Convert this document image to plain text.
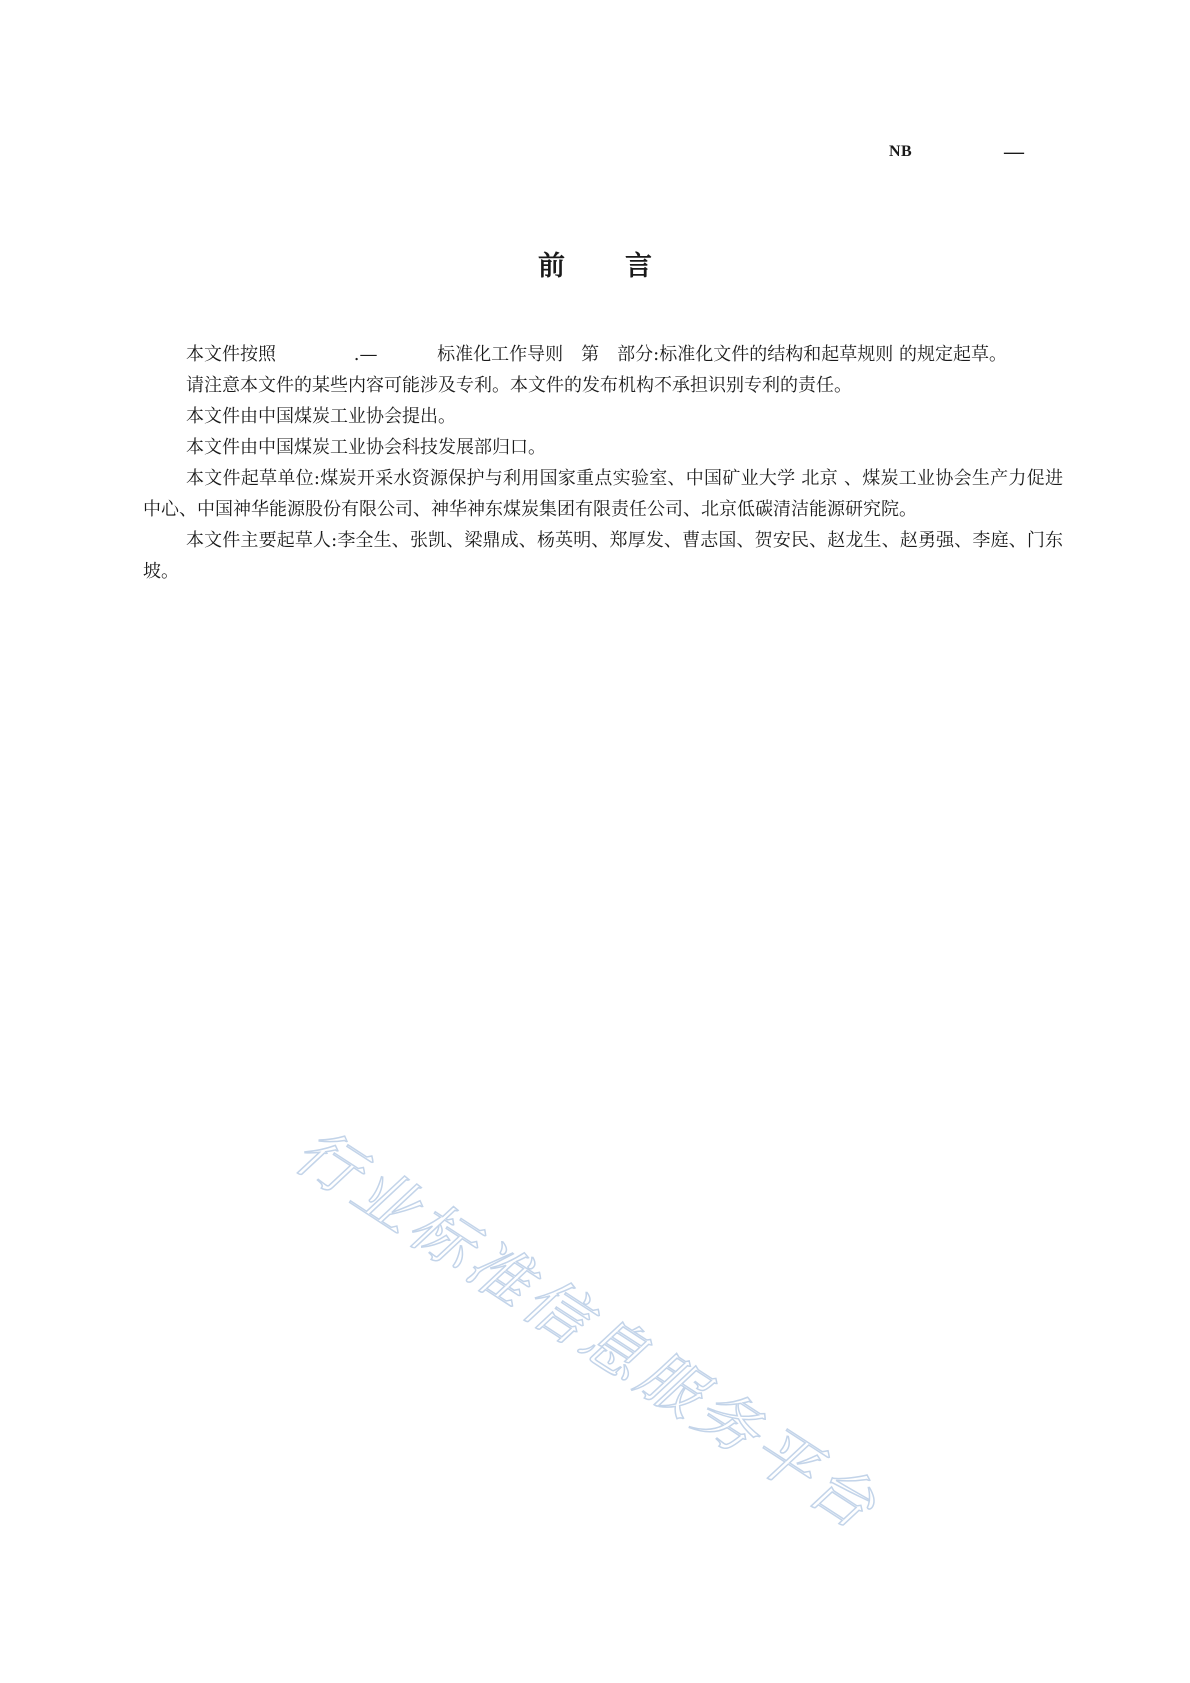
NB	—
前言

本文件按照 　　　　.— 　　　标准化工作导则　第　部分:标准化文件的结构和起草规则 的规定起草。

请注意本文件的某些内容可能涉及专利。本文件的发布机构不承担识别专利的责任。

本文件由中国煤炭工业协会提出。

本文件由中国煤炭工业协会科技发展部归口。

本文件起草单位:煤炭开采水资源保护与利用国家重点实验室、中国矿业大学 北京 、煤炭工业协会生产力促进中心、中国神华能源股份有限公司、神华神东煤炭集团有限责任公司、北京低碳清洁能源研究院。

本文件主要起草人:李全生、张凯、梁鼎成、杨英明、郑厚发、曹志国、贺安民、赵龙生、赵勇强、李庭、门东坡。

行业标准信息服务平台
